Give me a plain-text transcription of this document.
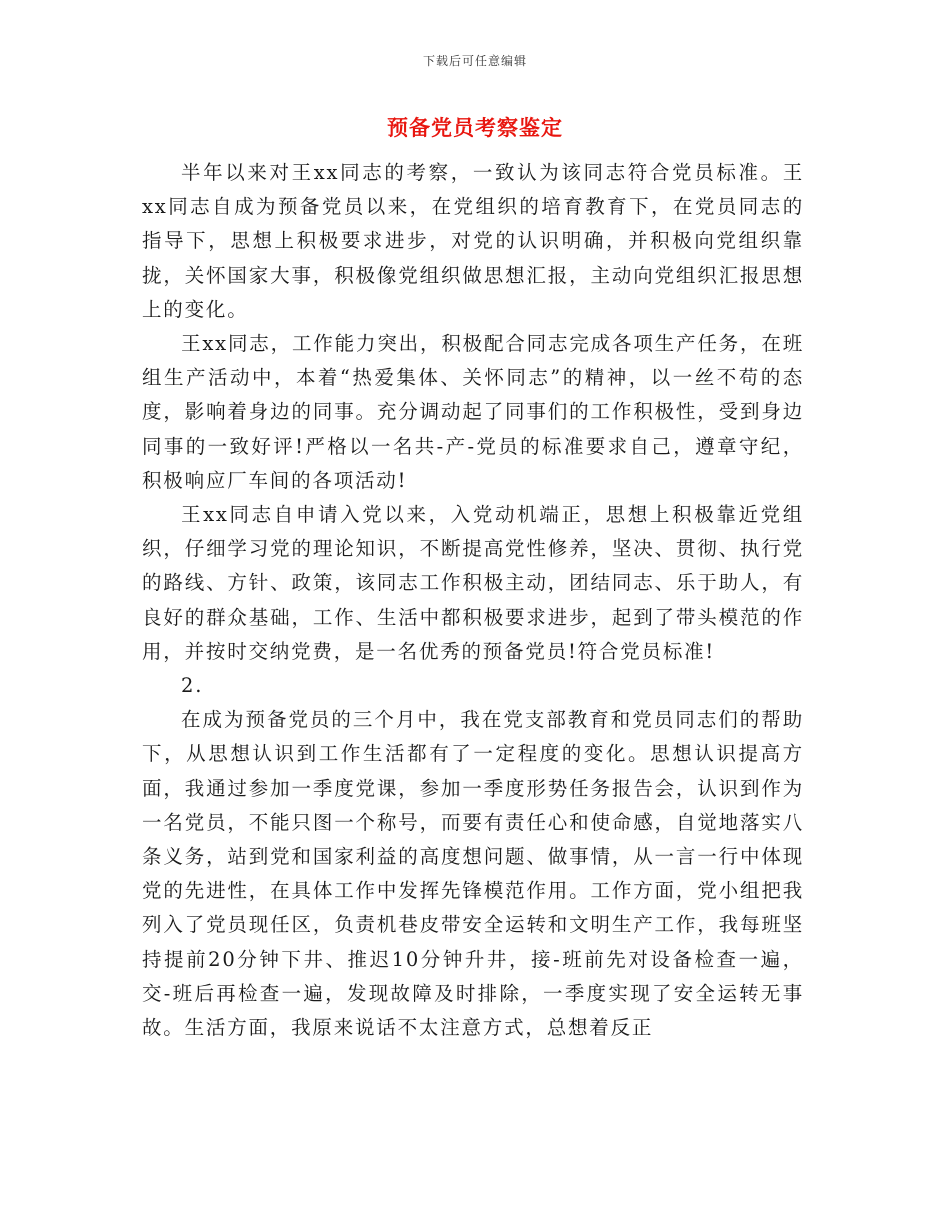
下载后可任意编辑
预备党员考察鉴定

半年以来对王xx同志的考察，一致认为该同志符合党员标准。王xx同志自成为预备党员以来，在党组织的培育教育下，在党员同志的指导下，思想上积极要求进步，对党的认识明确，并积极向党组织靠拢，关怀国家大事，积极像党组织做思想汇报，主动向党组织汇报思想上的变化。

王xx同志，工作能力突出，积极配合同志完成各项生产任务，在班组生产活动中，本着“热爱集体、关怀同志”的精神，以一丝不苟的态度，影响着身边的同事。充分调动起了同事们的工作积极性，受到身边同事的一致好评!严格以一名共-产-党员的标准要求自己，遵章守纪，积极响应厂车间的各项活动!

王xx同志自申请入党以来，入党动机端正，思想上积极靠近党组织，仔细学习党的理论知识，不断提高党性修养，坚决、贯彻、执行党的路线、方针、政策，该同志工作积极主动，团结同志、乐于助人，有良好的群众基础，工作、生活中都积极要求进步，起到了带头模范的作用，并按时交纳党费，是一名优秀的预备党员!符合党员标准!

2.

在成为预备党员的三个月中，我在党支部教育和党员同志们的帮助下，从思想认识到工作生活都有了一定程度的变化。思想认识提高方面，我通过参加一季度党课，参加一季度形势任务报告会，认识到作为一名党员，不能只图一个称号，而要有责任心和使命感，自觉地落实八条义务，站到党和国家利益的高度想问题、做事情，从一言一行中体现党的先进性，在具体工作中发挥先锋模范作用。工作方面，党小组把我列入了党员现任区，负责机巷皮带安全运转和文明生产工作，我每班坚持提前20分钟下井、推迟10分钟升井，接-班前先对设备检查一遍，交-班后再检查一遍，发现故障及时排除，一季度实现了安全运转无事故。生活方面，我原来说话不太注意方式，总想着反正
